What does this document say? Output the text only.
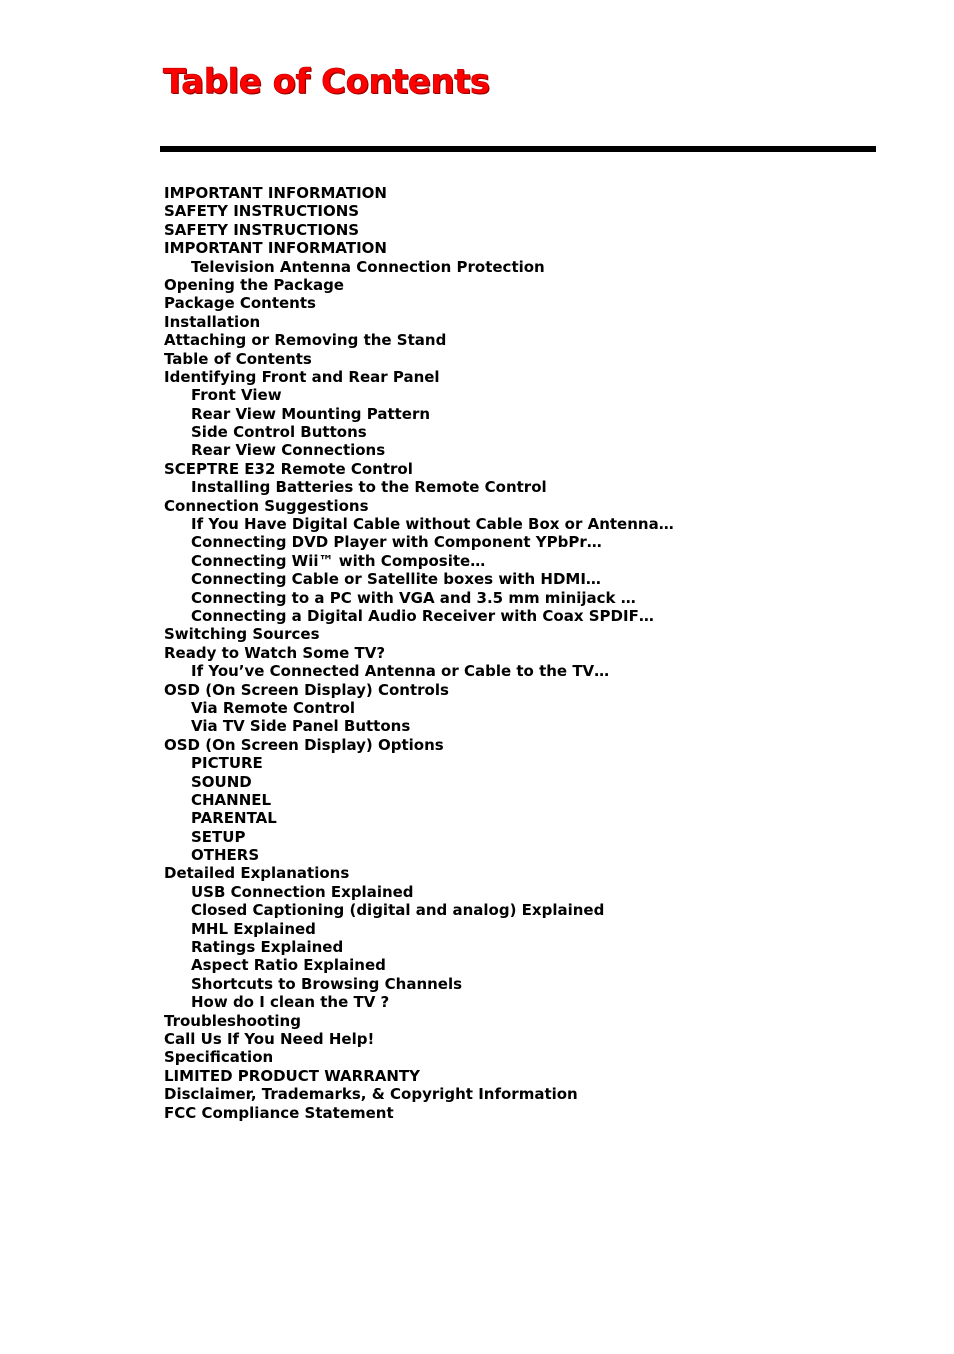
Table of Contents
IMPORTANT INFORMATION
SAFETY INSTRUCTIONS
SAFETY INSTRUCTIONS
IMPORTANT INFORMATION
Television Antenna Connection Protection
Opening the Package
Package Contents
Installation
Attaching or Removing the Stand
Table of Contents
Identifying Front and Rear Panel
Front View
Rear View Mounting Pattern
Side Control Buttons
Rear View Connections
SCEPTRE E32 Remote Control
Installing Batteries to the Remote Control
Connection Suggestions
If You Have Digital Cable without Cable Box or Antenna…
Connecting DVD Player with Component YPbPr…
Connecting Wii™ with Composite…
Connecting Cable or Satellite boxes with HDMI…
Connecting to a PC with VGA and 3.5 mm minijack …
Connecting a Digital Audio Receiver with Coax SPDIF…
Switching Sources
Ready to Watch Some TV?
If You’ve Connected Antenna or Cable to the TV…
OSD (On Screen Display) Controls
Via Remote Control
Via TV Side Panel Buttons
OSD (On Screen Display) Options
PICTURE
SOUND
CHANNEL
PARENTAL
SETUP
OTHERS
Detailed Explanations
USB Connection Explained
Closed Captioning (digital and analog) Explained
MHL Explained
Ratings Explained
Aspect Ratio Explained
Shortcuts to Browsing Channels
How do I clean the TV ?
Troubleshooting
Call Us If You Need Help!
Specification
LIMITED PRODUCT WARRANTY
Disclaimer, Trademarks, & Copyright Information
FCC Compliance Statement
